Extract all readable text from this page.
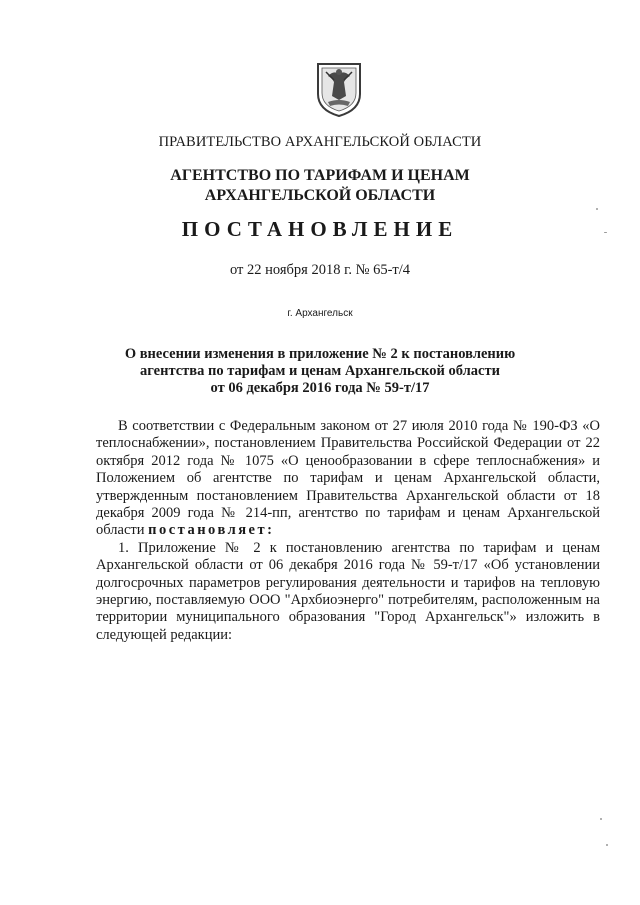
ПРАВИТЕЛЬСТВО АРХАНГЕЛЬСКОЙ ОБЛАСТИ
АГЕНТСТВО ПО ТАРИФАМ И ЦЕНАМ
АРХАНГЕЛЬСКОЙ ОБЛАСТИ
ПОСТАНОВЛЕНИЕ
от 22 ноября 2018 г. № 65-т/4
г. Архангельск
О внесении изменения в приложение № 2 к постановлению
агентства по тарифам и ценам Архангельской области
от 06 декабря 2016 года № 59-т/17

В соответствии с Федеральным законом от 27 июля 2010 года № 190-ФЗ «О теплоснабжении», постановлением Правительства Российской Федерации от 22 октября 2012 года № 1075 «О ценообразовании в сфере теплоснабжения» и Положением об агентстве по тарифам и ценам Архангельской области, утвержденным постановлением Правительства Архангельской области от 18 декабря 2009 года № 214-пп, агентство по тарифам и ценам Архангельской области постановляет:

1. Приложение № 2 к постановлению агентства по тарифам и ценам Архангельской области от 06 декабря 2016 года № 59-т/17 «Об установлении долгосрочных параметров регулирования деятельности и тарифов на тепловую энергию, поставляемую ООО "Архбиоэнерго" потребителям, расположенным на территории муниципального образования "Город Архангельск"» изложить в следующей редакции:
